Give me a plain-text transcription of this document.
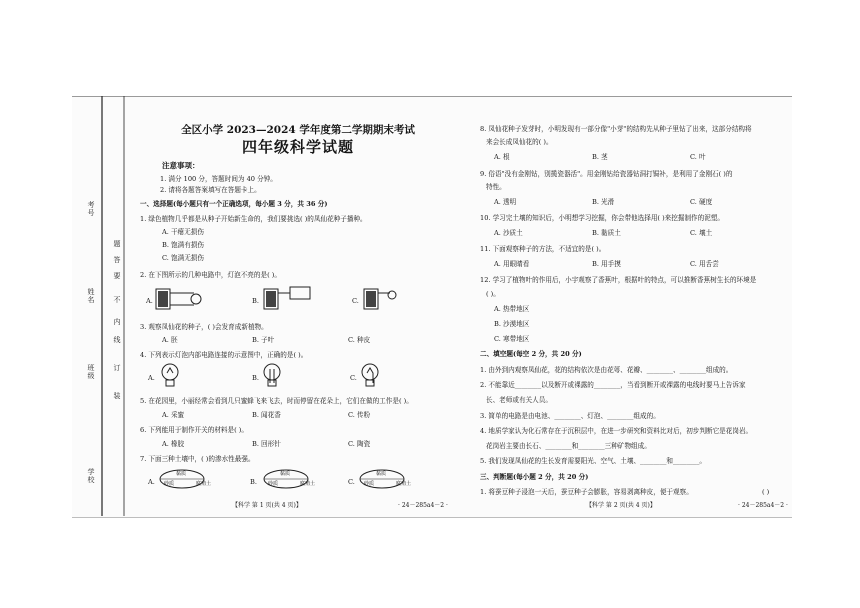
学校
班级
姓名
考号
装
订
线
内
不
要
答
题
全区小学 2023—2024 学年度第二学期期末考试
四年级科学试题
注意事项：
1. 满分 100 分，答题时间为 40 分钟。
2. 请将各题答案填写在答题卡上。
一、选择题(每小题只有一个正确选项，每小题 3 分，共 36 分)
1. 绿色植物几乎都是从种子开始新生命的，我们要挑选( )的凤仙花种子播种。
A. 干瘪无损伤
B. 饱满有损伤
C. 饱满无损伤
2. 在下图所示的几种电路中，灯泡不亮的是( )。
A.	B.	C.
3. 观察凤仙花的种子，( )会发育成新植物。
A. 胚	B. 子叶	C. 种皮
4. 下列表示灯泡内部电路连接的示意图中，正确的是( )。
A.	B.	C.
5. 在花园里，小丽经常会看到几只蜜蜂飞来飞去，时而停留在花朵上，它们在做的工作是( )。
A. 采蜜	B. 闻花香	C. 传粉
6. 下列能用于制作开关的材料是( )。
A. 橡胶	B. 回形针	C. 陶瓷
7. 下面三种土壤中，( )的渗水性最强。
A.	B.	C.
砂质
黏质
腐殖土	砂质
黏质
腐殖土	砂质
黏质
腐殖土
【科学 第 1 页(共 4 页)】	· 24－285a4－2 ·
8. 凤仙花种子发芽时，小明发现有一部分像"小芽"的结构先从种子里钻了出来，这部分结构将
来会长成凤仙花的( )。
A. 根	B. 茎	C. 叶
9. 俗语"没有金刚钻，别揽瓷器活"。用金刚钻给瓷器钻洞打锔补，是利用了金刚石( )的
特性。
A. 透明	B. 光滑	C. 硬度
10. 学习完土壤的知识后，小明想学习挖掘，你会带他选择用( )来挖掘制作的泥塑。
A. 沙质土	B. 黏质土	C. 壤土
11. 下面观察种子的方法，不适宜的是( )。
A. 用眼睛看	B. 用手摸	C. 用舌尝
12. 学习了植物叶的作用后，小宇观察了香蕉叶，根据叶的特点，可以推断香蕉树生长的环境是
( )。
A. 热带地区
B. 沙漠地区
C. 寒带地区
二、填空题(每空 2 分，共 20 分)
1. 由外到内观察凤仙花，花的结构依次是由花萼、花瓣、________、________组成的。
2. 不能靠近________以及断开或裸露的________，当看到断开或裸露的电线时要马上告诉家
长、老师或有关人员。
3. 简单的电路是由电池、________、灯泡、________组成的。
4. 地质学家认为化石常存在于沉积层中，在进一步研究和资料比对后，初步判断它是花岗岩。
花岗岩主要由长石、________和________三种矿物组成。
5. 我们发现凤仙花的生长发育需要阳光、空气、土壤、________和________。
三、判断题(每小题 2 分，共 20 分)
1. 将蚕豆种子浸泡一天后，蚕豆种子会膨胀，容易剥离种皮，便于观察。	( )
【科学 第 2 页(共 4 页)】	· 24－285a4－2 ·
